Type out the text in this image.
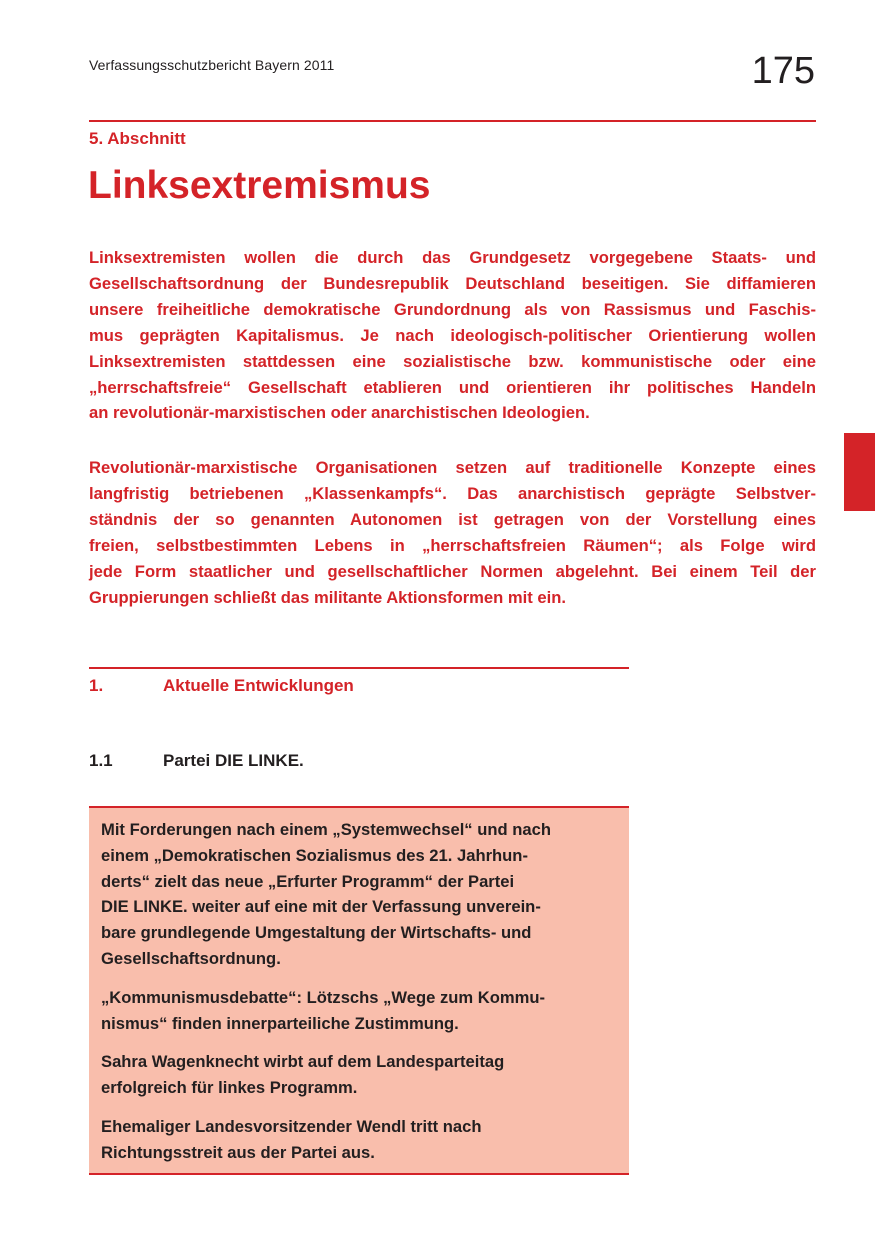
Verfassungsschutzbericht Bayern 2011	175
5. Abschnitt
Linksextremismus
Linksextremisten wollen die durch das Grundgesetz vorgegebene Staats- und
Gesellschaftsordnung der Bundesrepublik Deutschland beseitigen. Sie diffamieren
unsere freiheitliche demokratische Grundordnung als von Rassismus und Faschis-
mus geprägten Kapitalismus. Je nach ideologisch-politischer Orientierung wollen
Linksextremisten stattdessen eine sozialistische bzw. kommunistische oder eine
„herrschaftsfreie“ Gesellschaft etablieren und orientieren ihr politisches Handeln
an revolutionär-marxistischen oder anarchistischen Ideologien.
Revolutionär-marxistische Organisationen setzen auf traditionelle Konzepte eines
langfristig betriebenen „Klassenkampfs“. Das anarchistisch geprägte Selbstver-
ständnis der so genannten Autonomen ist getragen von der Vorstellung eines
freien, selbstbestimmten Lebens in „herrschaftsfreien Räumen“; als Folge wird
jede Form staatlicher und gesellschaftlicher Normen abgelehnt. Bei einem Teil der
Gruppierungen schließt das militante Aktionsformen mit ein.
1.	Aktuelle Entwicklungen
1.1	Partei DIE LINKE.

Mit Forderungen nach einem „Systemwechsel“ und nach
einem „Demokratischen Sozialismus des 21. Jahrhun-
derts“ zielt das neue „Erfurter Programm“ der Partei
DIE LINKE. weiter auf eine mit der Verfassung unverein-
bare grundlegende Umgestaltung der Wirtschafts- und
Gesellschaftsordnung.

„Kommunismusdebatte“: Lötzschs „Wege zum Kommu-
nismus“ finden innerparteiliche Zustimmung.

Sahra Wagenknecht wirbt auf dem Landesparteitag
erfolgreich für linkes Programm.

Ehemaliger Landesvorsitzender Wendl tritt nach
Richtungsstreit aus der Partei aus.
